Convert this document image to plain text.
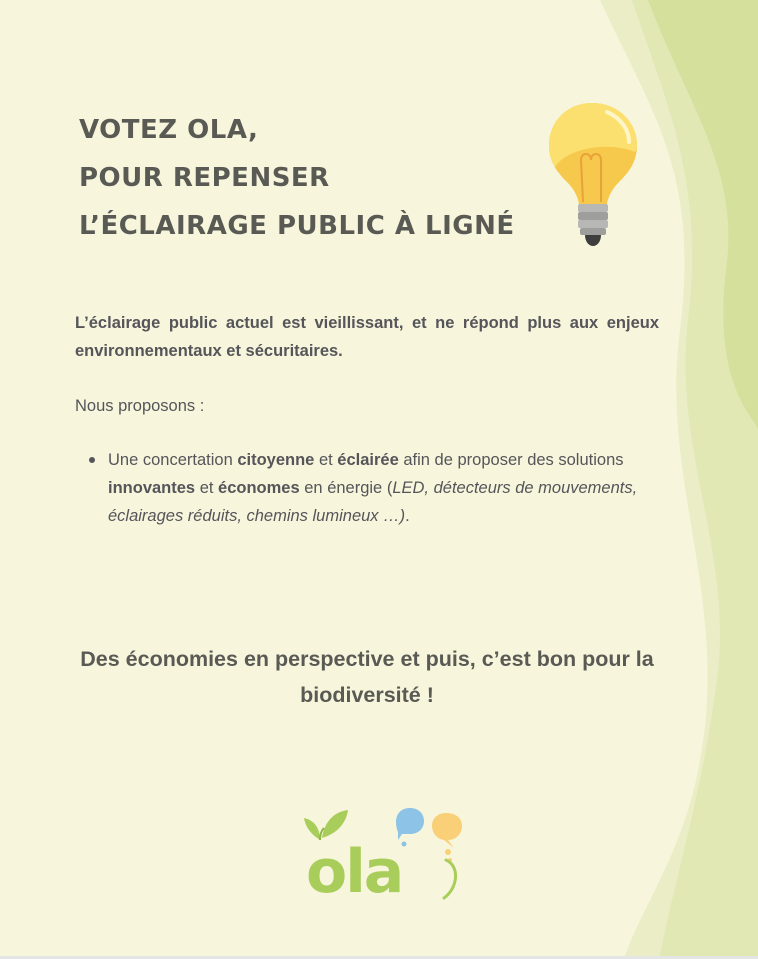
VOTEZ OLA,
POUR REPENSER
L’ÉCLAIRAGE PUBLIC À LIGNÉ

L’éclairage public actuel est vieillissant, et ne répond plus aux enjeux environnementaux et sécuritaires.

Nous proposons :

Une concertation citoyenne et éclairée afin de proposer des solutions innovantes et économes en énergie (LED, détecteurs de mouvements, éclairages réduits, chemins lumineux …).

Des économies en perspective et puis, c’est bon pour la biodiversité !

ola
